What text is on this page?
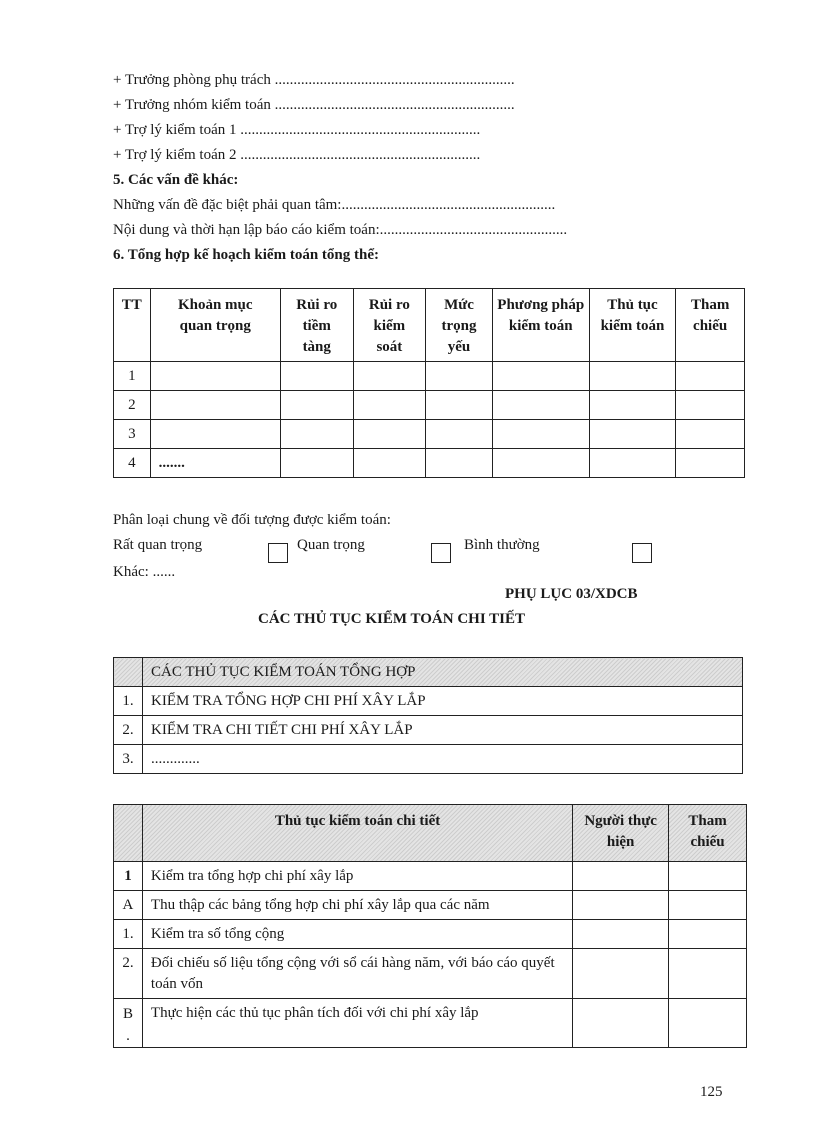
+ Trưởng phòng phụ trách ................................................................
+ Trưởng nhóm kiểm toán ................................................................
+ Trợ lý kiểm toán 1 ................................................................
+ Trợ lý kiểm toán 2 ................................................................
5. Các vấn đề khác:
Những vấn đề đặc biệt phải quan tâm:.........................................................
Nội dung và thời hạn lập báo cáo kiểm toán:..................................................
6. Tổng hợp kế hoạch kiểm toán tổng thể:
TT	Khoản mục quan trọng	Rủi ro tiềm tàng	Rủi ro kiểm soát	Mức trọng yếu	Phương pháp kiểm toán	Thủ tục kiểm toán	Tham chiếu

1							
2							
3							
4	.......						
Phân loại chung về đối tượng được kiểm toán:
Rất quan trọng	Quan trọng	Bình thường
Khác: ......
PHỤ LỤC 03/XDCB
CÁC THỦ TỤC KIỂM TOÁN CHI TIẾT
	CÁC THỦ TỤC KIỂM TOÁN TỔNG HỢP
1.	KIỂM TRA TỔNG HỢP CHI PHÍ XÂY LẮP
2.	KIỂM TRA CHI TIẾT CHI PHÍ XÂY LẮP
3.	.............
	Thủ tục kiểm toán chi tiết	Người thực hiện	Tham chiếu

1	Kiểm tra tổng hợp chi phí xây lắp		
A	Thu thập các bảng tổng hợp chi phí xây lắp qua các năm		
1.	Kiểm tra số tổng cộng		
2.	Đối chiếu số liệu tổng cộng với sổ cái hàng năm, với báo cáo quyết toán vốn		

B .	Thực hiện các thủ tục phân tích đối với chi phí xây lắp		
125
